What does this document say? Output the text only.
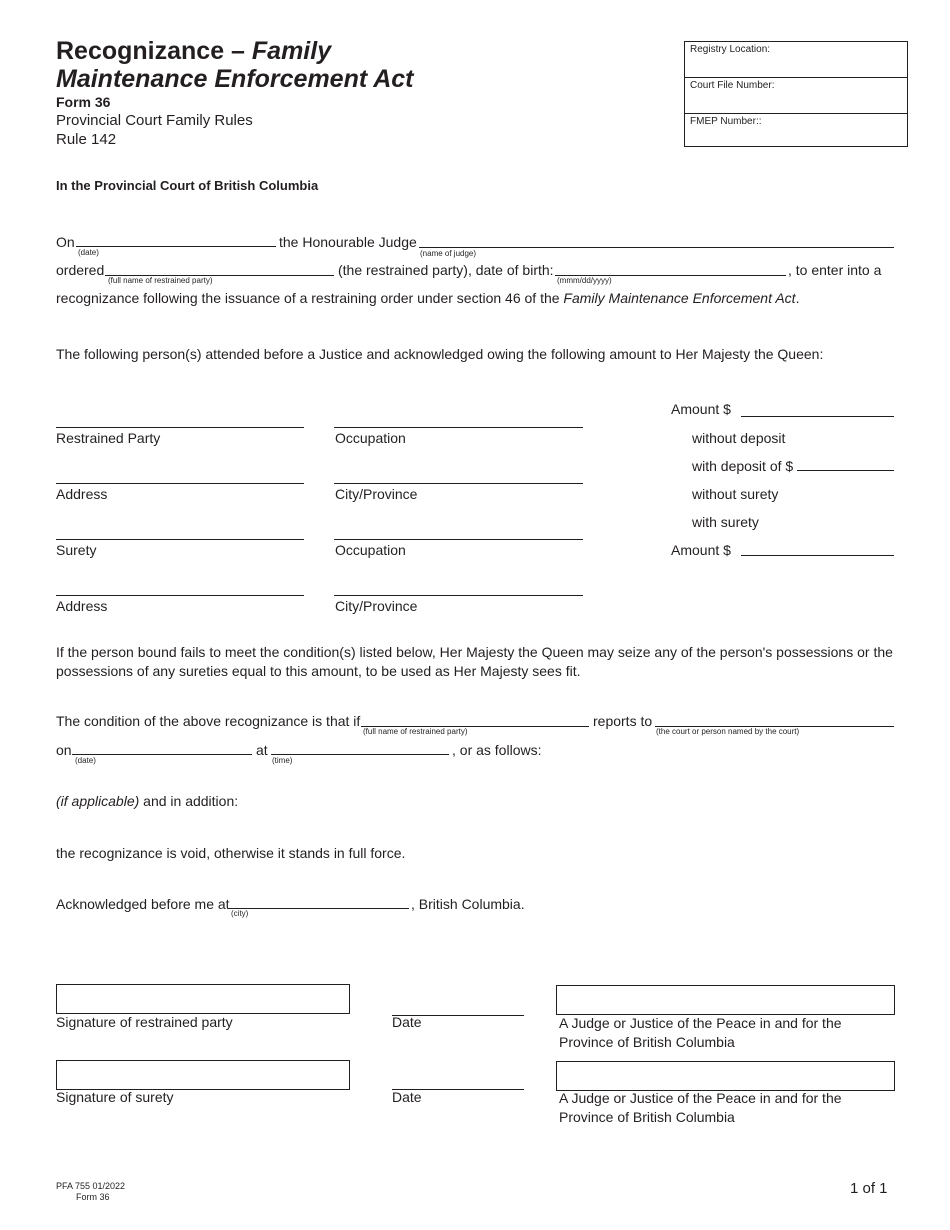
Recognizance – Family
Maintenance Enforcement Act
Form 36
Provincial Court Family Rules
Rule 142
Registry Location:
Court File Number:
FMEP Number::
In the Provincial Court of British Columbia
On
(date)
the Honourable Judge
(name of judge)
ordered
(full name of restrained party)
(the restrained party), date of birth:
(mmm/dd/yyyy)
, to enter into a
recognizance following the issuance of a restraining order under section 46 of the Family Maintenance Enforcement Act.
The following person(s) attended before a Justice and acknowledged owing the following amount to Her Majesty the Queen:
Restrained Party	Occupation
Address	City/Province
Surety	Occupation
Address	City/Province
Amount $
without deposit
with deposit of $
without surety
with surety
Amount $
If the person bound fails to meet the condition(s) listed below, Her Majesty the Queen may seize any of the person's possessions or the possessions of any sureties equal to this amount, to be used as Her Majesty sees fit.
The condition of the above recognizance is that if
(full name of restrained party)
reports to
(the court or person named by the court)
on
(date)
at
(time)
, or as follows:
(if applicable) and in addition:
the recognizance is void, otherwise it stands in full force.
Acknowledged before me at
(city)
, British Columbia.
Signature of restrained party	Date	A Judge or Justice of the Peace in and for the Province of British Columbia
Signature of surety	Date	A Judge or Justice of the Peace in and for the Province of British Columbia
PFA 755 01/2022
Form 36	1 of 1
